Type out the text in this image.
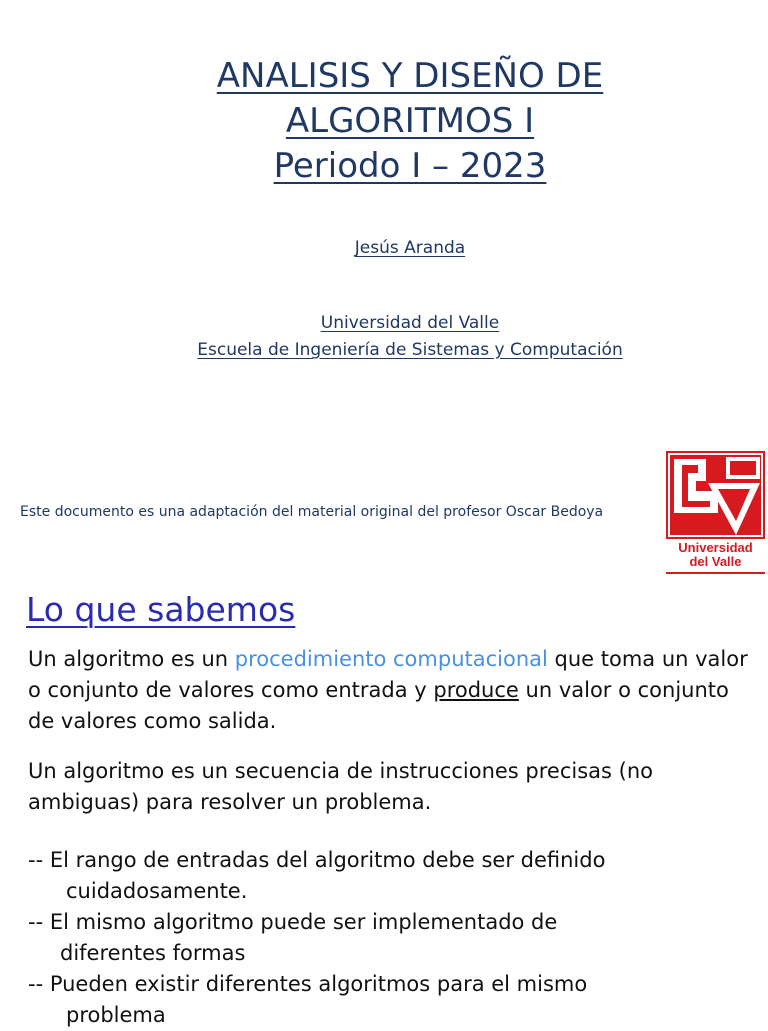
ANALISIS Y DISEÑO DE
ALGORITMOS I
Periodo I – 2023
Jesús Aranda
Universidad del Valle
Escuela de Ingeniería de Sistemas y Computación
Este documento es una adaptación del material original del profesor Oscar Bedoya
Universidad
del Valle
Lo que sabemos

Un algoritmo es un procedimiento computacional que toma un valor o conjunto de valores como entrada y produce un valor o conjunto de valores como salida.

Un algoritmo es un secuencia de instrucciones precisas (no ambiguas) para resolver un problema.

-- El rango de entradas del algoritmo debe ser definido
cuidadosamente.

-- El mismo algoritmo puede ser implementado de
diferentes formas

-- Pueden existir diferentes algoritmos para el mismo
problema
